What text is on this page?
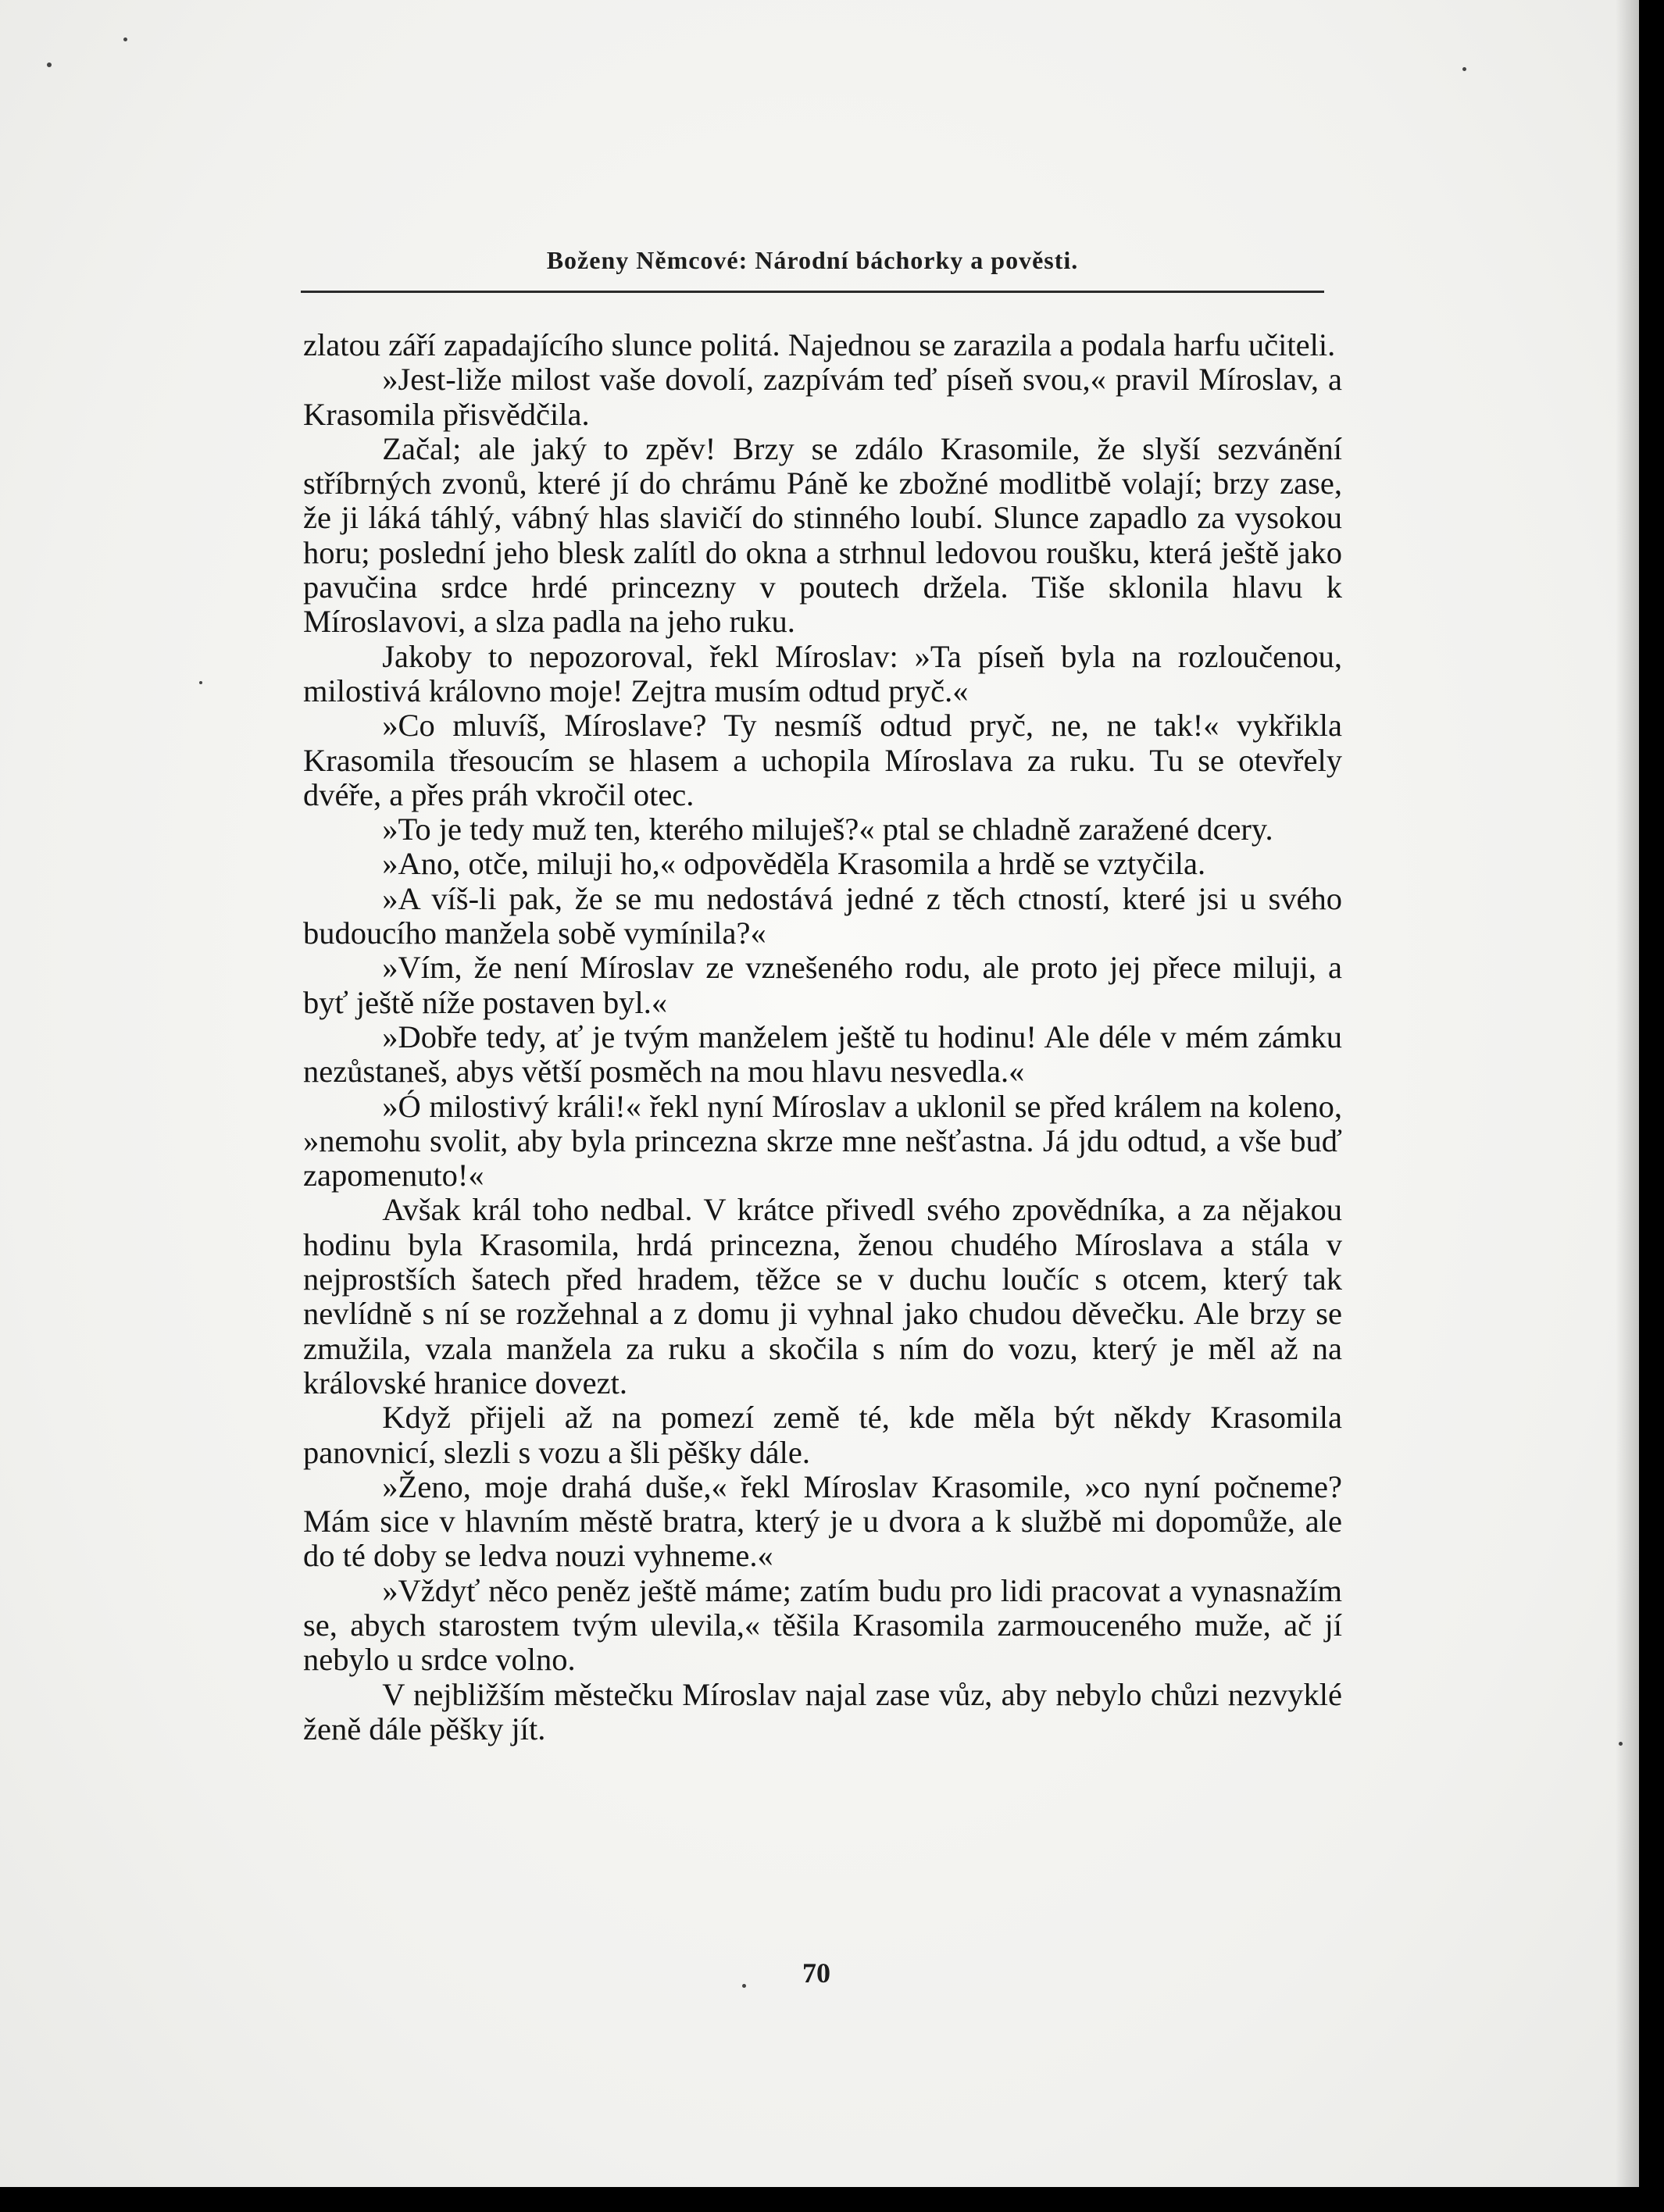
Boženy Němcové: Národní báchorky a pověsti.

zlatou září zapadajícího slunce politá. Najednou se zarazila a podala harfu učiteli.

»Jest-liže milost vaše dovolí, zazpívám teď píseň svou,« pravil Míroslav, a Krasomila přisvědčila.

Začal; ale jaký to zpěv! Brzy se zdálo Krasomile, že slyší sezvánění stříbrných zvonů, které jí do chrámu Páně ke zbožné modlitbě volají; brzy zase, že ji láká táhlý, vábný hlas slavičí do stinného loubí. Slunce zapadlo za vysokou horu; poslední jeho blesk zalítl do okna a strhnul ledovou roušku, která ještě jako pavučina srdce hrdé princezny v poutech držela. Tiše sklonila hlavu k Míroslavovi, a slza padla na jeho ruku.

Jakoby to nepozoroval, řekl Míroslav: »Ta píseň byla na rozloučenou, milostivá královno moje! Zejtra musím odtud pryč.«

»Co mluvíš, Míroslave? Ty nesmíš odtud pryč, ne, ne tak!« vykřikla Krasomila třesoucím se hlasem a uchopila Míroslava za ruku. Tu se otevřely dvéře, a přes práh vkročil otec.

»To je tedy muž ten, kterého miluješ?« ptal se chladně zaražené dcery.

»Ano, otče, miluji ho,« odpověděla Krasomila a hrdě se vztyčila.

»A víš-li pak, že se mu nedostává jedné z těch ctností, které jsi u svého budoucího manžela sobě vymínila?«

»Vím, že není Míroslav ze vznešeného rodu, ale proto jej přece miluji, a byť ještě níže postaven byl.«

»Dobře tedy, ať je tvým manželem ještě tu hodinu! Ale déle v mém zámku nezůstaneš, abys větší posměch na mou hlavu nesvedla.«

»Ó milostivý králi!« řekl nyní Míroslav a uklonil se před králem na koleno, »nemohu svolit, aby byla princezna skrze mne nešťastna. Já jdu odtud, a vše buď zapomenuto!«

Avšak král toho nedbal. V krátce přivedl svého zpovědníka, a za nějakou hodinu byla Krasomila, hrdá princezna, ženou chudého Míroslava a stála v nejprostších šatech před hradem, těžce se v duchu loučíc s otcem, který tak nevlídně s ní se rozžehnal a z domu ji vyhnal jako chudou děvečku. Ale brzy se zmužila, vzala manžela za ruku a skočila s ním do vozu, který je měl až na královské hranice dovezt.

Když přijeli až na pomezí země té, kde měla být někdy Krasomila panovnicí, slezli s vozu a šli pěšky dále.

»Ženo, moje drahá duše,« řekl Míroslav Krasomile, »co nyní počneme? Mám sice v hlavním městě bratra, který je u dvora a k službě mi dopomůže, ale do té doby se ledva nouzi vyhneme.«

»Vždyť něco peněz ještě máme; zatím budu pro lidi pracovat a vynasnažím se, abych starostem tvým ulevila,« těšila Krasomila zarmouceného muže, ač jí nebylo u srdce volno.

V nejbližším městečku Míroslav najal zase vůz, aby nebylo chůzi nezvyklé ženě dále pěšky jít.

70
